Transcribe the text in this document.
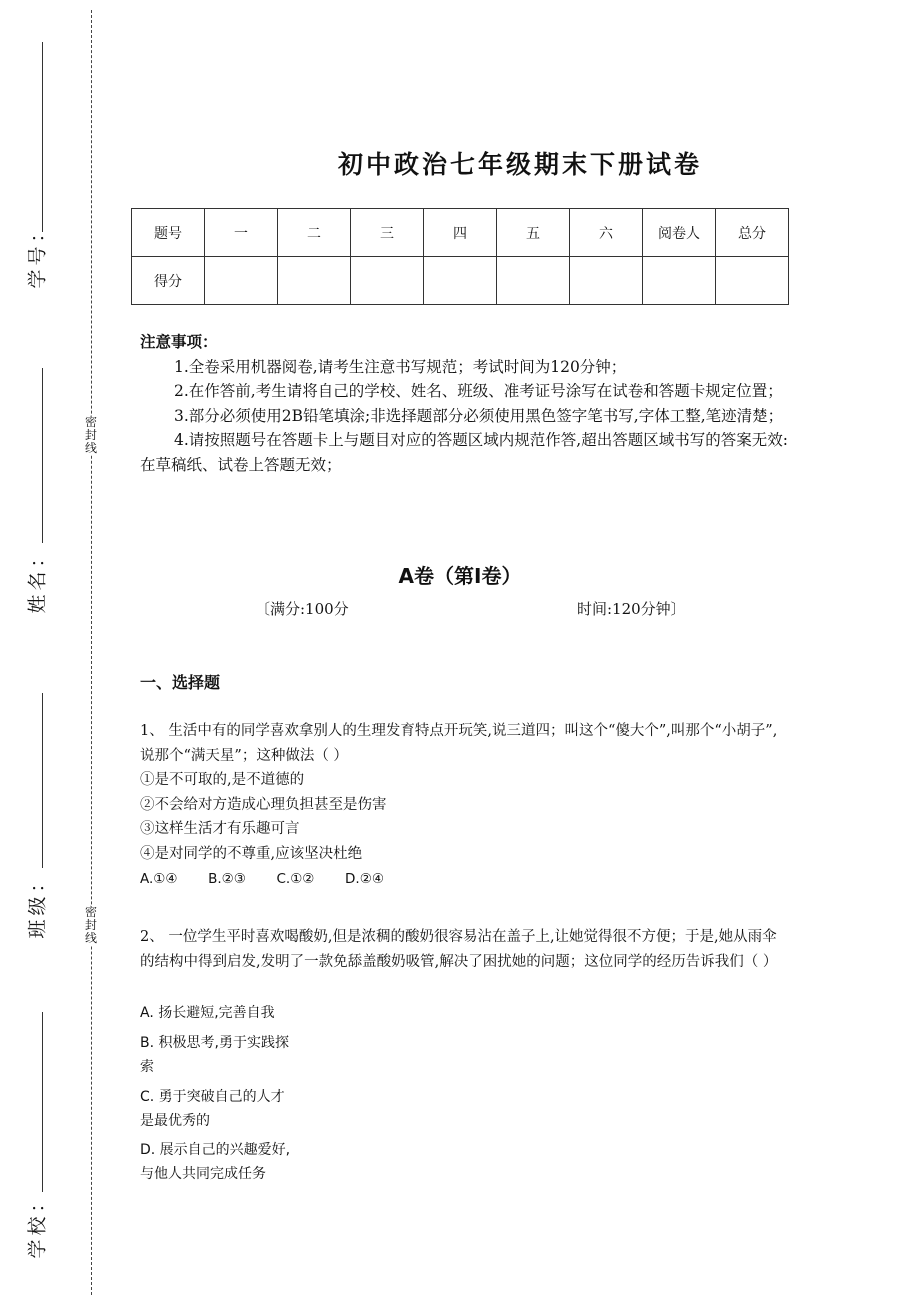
学号：
姓名：
班级：
学校：
密封线
密封线
初中政治七年级期末下册试卷
题号	一	二	三	四	五	六	阅卷人	总分
得分								
注意事项：
1.全卷采用机器阅卷,请考生注意书写规范；考试时间为120分钟；
2.在作答前,考生请将自己的学校、姓名、班级、准考证号涂写在试卷和答题卡规定位置；
3.部分必须使用2B铅笔填涂;非选择题部分必须使用黑色签字笔书写,字体工整,笔迹清楚；
4.请按照题号在答题卡上与题目对应的答题区域内规范作答,超出答题区域书写的答案无效:在草稿纸、试卷上答题无效；
A卷（第I卷）
〔满分:100分	时间:120分钟〕
一、选择题
1、 生活中有的同学喜欢拿别人的生理发育特点开玩笑,说三道四；叫这个“傻大个”,叫那个“小胡子”,说那个“满天星”；这种做法（ ）
①是不可取的,是不道德的
②不会给对方造成心理负担甚至是伤害
③这样生活才有乐趣可言
④是对同学的不尊重,应该坚决杜绝
A.①④ B.②③ C.①② D.②④
2、 一位学生平时喜欢喝酸奶,但是浓稠的酸奶很容易沾在盖子上,让她觉得很不方便；于是,她从雨伞的结构中得到启发,发明了一款免舔盖酸奶吸管,解决了困扰她的问题；这位同学的经历告诉我们（ ）
A. 扬长避短,完善自我
B. 积极思考,勇于实践探
索
C. 勇于突破自己的人才
是最优秀的
D. 展示自己的兴趣爱好,
与他人共同完成任务
